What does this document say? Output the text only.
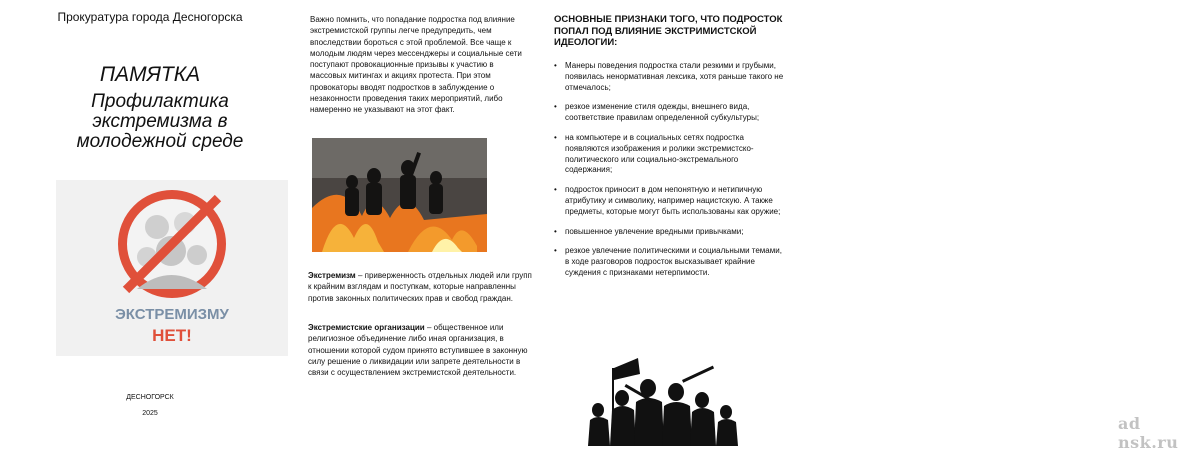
Прокуратура города Десногорска
ПАМЯТКА
Профилактика экстремизма в молодежной среде
ЭКСТРЕМИЗМУ
НЕТ!
ДЕСНОГОРСК
2025

Важно помнить, что попадание подростка под влияние экстремистской группы легче предупредить, чем впоследствии бороться с этой проблемой. Все чаще к молодым людям через мессенджеры и социальные сети поступают провокационные призывы к участию в массовых митингах и акциях протеста. При этом провокаторы вводят подростков в заблуждение о незаконности проведения таких мероприятий, либо намеренно не указывают на этот факт.

Экстремизм – приверженность отдельных людей или групп к крайним взглядам и поступкам, которые направленны против законных политических прав и свобод граждан.

Экстремистские организации – общественное или религиозное объединение либо иная организация, в отношении которой судом принято вступившее в законную силу решение о ликвидации или запрете деятельности в связи с осуществлением экстремистской деятельности.

ОСНОВНЫЕ ПРИЗНАКИ ТОГО, ЧТО ПОДРОСТОК ПОПАЛ ПОД ВЛИЯНИЕ ЭКСТРИМИСТСКОЙ ИДЕОЛОГИИ:
• Манеры поведения подростка стали резкими и грубыми, появилась ненормативная лексика, хотя раньше такого не отмечалось;
• резкое изменение стиля одежды, внешнего вида, соответствие правилам определенной субкультуры;
• на компьютере и в социальных сетях подростка появляются изображения и ролики экстремистско-политического или социально-экстремального содержания;
• подросток приносит в дом непонятную и нетипичную атрибутику и символику, например нацистскую. А также предметы, которые могут быть использованы как оружие;
• повышенное увлечение вредными привычками;
• резкое увлечение политическими и социальными темами, в ходе разговоров подросток высказывает крайние суждения с признаками нетерпимости.
ad nsk.ru
